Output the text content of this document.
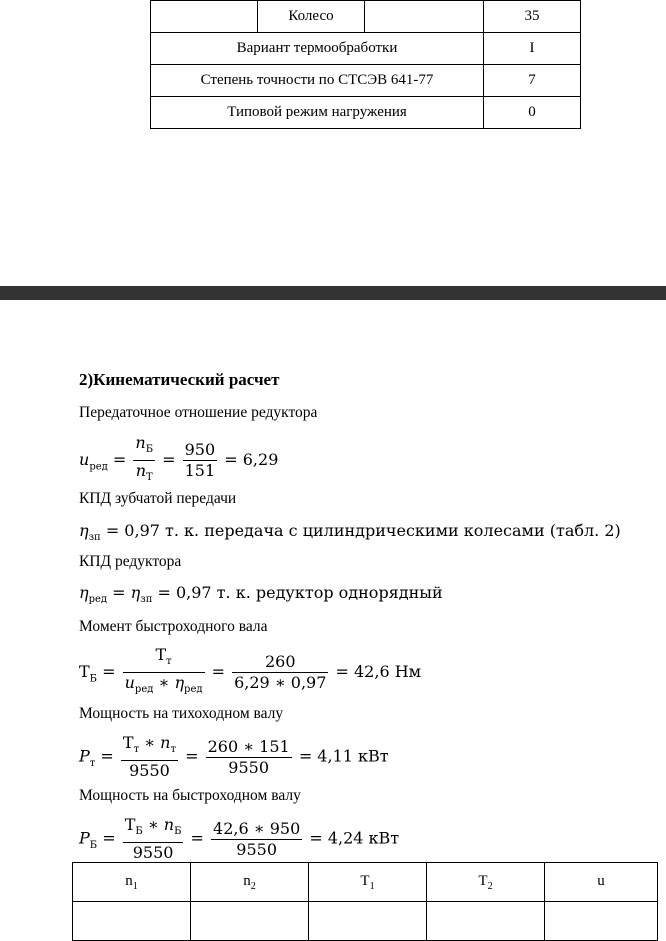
	Колесо		35
Вариант термообработки			I
Степень точности по СТСЭВ 641-77			7
Типовой режим нагружения			0
2)Кинематический расчет
Передаточное отношение редуктора
$u_{ред} = \frac{n_Б}{n_Т} = \frac{950}{151} = 6,29$
КПД зубчатой передачи
$\eta_{зп} = 0,97$ т. к. передача с цилиндрическими колесами (табл. 2)
КПД редуктора
$\eta_{ред} = \eta_{зп} = 0,97$ т. к. редуктор однорядный
Момент быстроходного вала
$T_Б = \frac{T_т}{u_{ред} ∗ \eta_{ред}} = \frac{260}{6,29 ∗ 0,97} = 42,6$ Нм
Мощность на тихоходном валу
$P_т = \frac{T_т ∗ n_т}{9550} = \frac{260 ∗ 151}{9550} = 4,11$ кВт
Мощность на быстроходном валу
$P_Б = \frac{T_Б ∗ n_Б}{9550} = \frac{42,6 ∗ 950}{9550} = 4,24$ кВт
$n_1$	$n_2$	$T_1$	$T_2$	u
